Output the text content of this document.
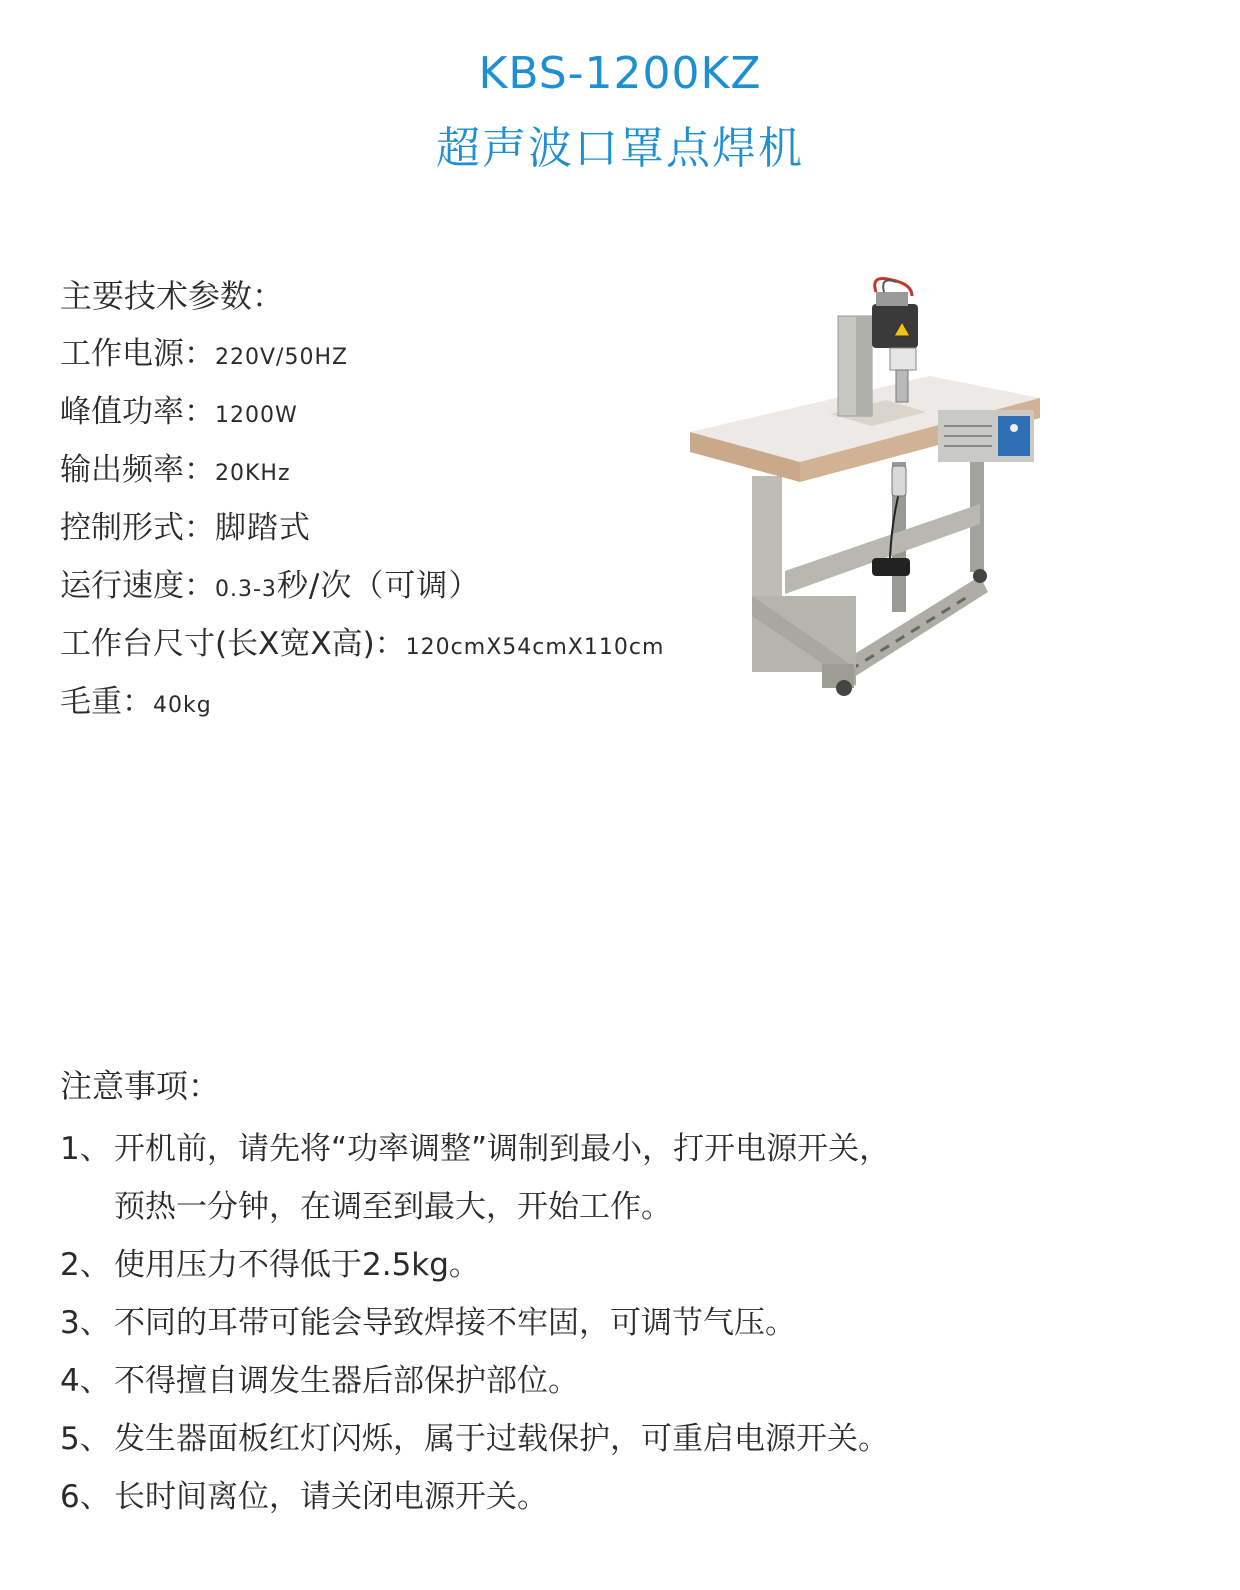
KBS-1200KZ
超声波口罩点焊机
主要技术参数：
工作电源：220V/50HZ
峰值功率：1200W
输出频率：20KHz
控制形式：脚踏式
运行速度：0.3-3秒/次（可调）
工作台尺寸(长X宽X高)：120cmX54cmX110cm
毛重：40kg
注意事项：
1、 开机前，请先将“功率调整”调制到最小，打开电源开关，
预热一分钟，在调至到最大，开始工作。
2、 使用压力不得低于2.5kg。
3、 不同的耳带可能会导致焊接不牢固，可调节气压。
4、 不得擅自调发生器后部保护部位。
5、 发生器面板红灯闪烁，属于过载保护，可重启电源开关。
6、 长时间离位，请关闭电源开关。
